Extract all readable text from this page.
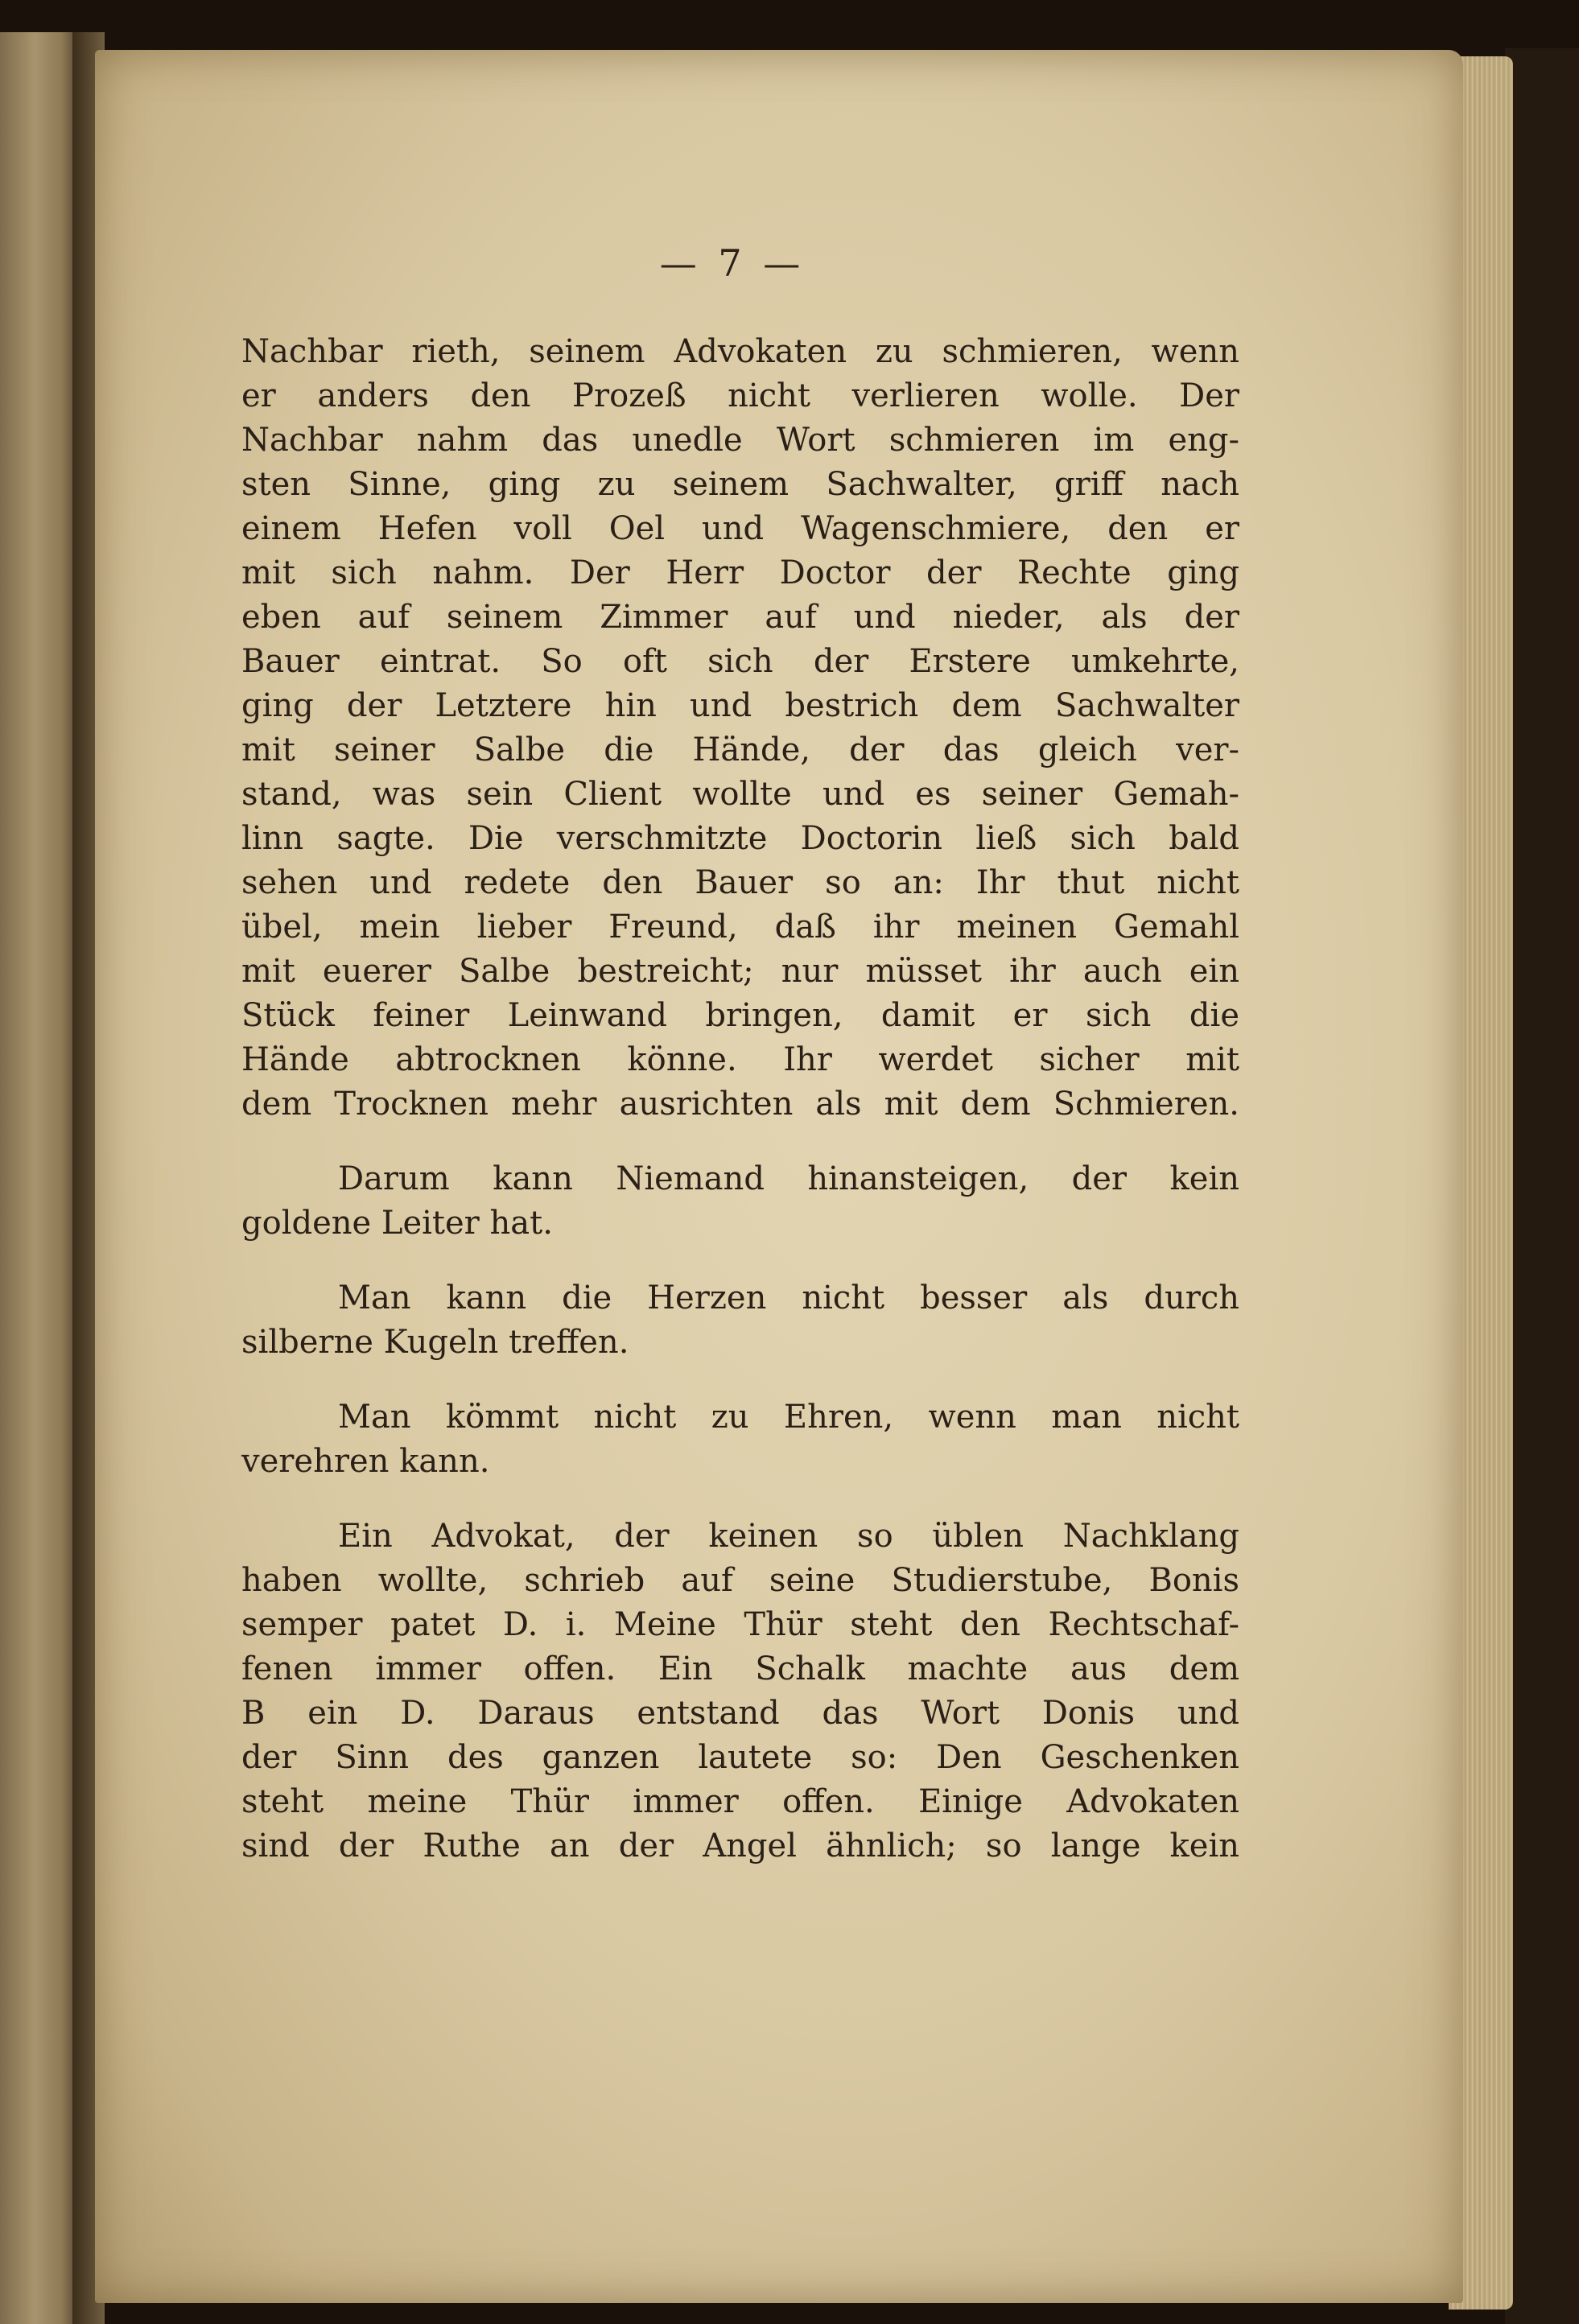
— 7 —
Nachbar rieth, seinem Advokaten zu schmieren, wenn
er anders den Prozeß nicht verlieren wolle. Der
Nachbar nahm das unedle Wort schmieren im eng-
sten Sinne, ging zu seinem Sachwalter, griff nach
einem Hefen voll Oel und Wagenschmiere, den er
mit sich nahm. Der Herr Doctor der Rechte ging
eben auf seinem Zimmer auf und nieder, als der
Bauer eintrat. So oft sich der Erstere umkehrte,
ging der Letztere hin und bestrich dem Sachwalter
mit seiner Salbe die Hände, der das gleich ver-
stand, was sein Client wollte und es seiner Gemah-
linn sagte. Die verschmitzte Doctorin ließ sich bald
sehen und redete den Bauer so an: Ihr thut nicht
übel, mein lieber Freund, daß ihr meinen Gemahl
mit euerer Salbe bestreicht; nur müsset ihr auch ein
Stück feiner Leinwand bringen, damit er sich die
Hände abtrocknen könne. Ihr werdet sicher mit
dem Trocknen mehr ausrichten als mit dem Schmieren.
Darum kann Niemand hinansteigen, der kein
goldene Leiter hat.
Man kann die Herzen nicht besser als durch
silberne Kugeln treffen.
Man kömmt nicht zu Ehren, wenn man nicht
verehren kann.
Ein Advokat, der keinen so üblen Nachklang
haben wollte, schrieb auf seine Studierstube, Bonis
semper patet D. i. Meine Thür steht den Rechtschaf-
fenen immer offen. Ein Schalk machte aus dem
B ein D. Daraus entstand das Wort Donis und
der Sinn des ganzen lautete so: Den Geschenken
steht meine Thür immer offen. Einige Advokaten
sind der Ruthe an der Angel ähnlich; so lange kein
